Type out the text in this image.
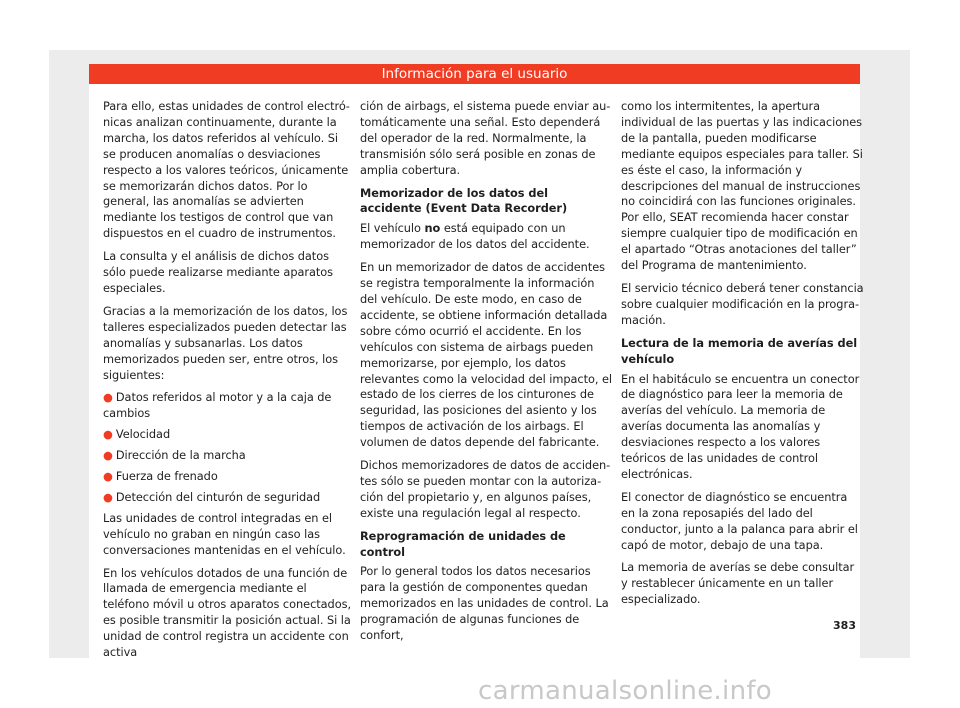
Información para el usuario

Para ello, estas unidades de control electrónicas analizan continuamente, durante la marcha, los datos referidos al vehículo. Si se producen anomalías o desviaciones respecto a los valores teóricos, únicamente se memorizarán dichos datos. Por lo general, las anomalías se advierten mediante los testigos de control que van dispuestos en el cuadro de instrumentos.

La consulta y el análisis de dichos datos sólo puede realizarse mediante aparatos especiales.

Gracias a la memorización de los datos, los talleres especializados pueden detectar las anomalías y subsanarlas. Los datos memorizados pueden ser, entre otros, los siguientes:

● Datos referidos al motor y a la caja de cambios
● Velocidad
● Dirección de la marcha
● Fuerza de frenado
● Detección del cinturón de seguridad

Las unidades de control integradas en el vehículo no graban en ningún caso las conversaciones mantenidas en el vehículo.

En los vehículos dotados de una función de llamada de emergencia mediante el teléfono móvil u otros aparatos conectados, es posible transmitir la posición actual. Si la unidad de control registra un accidente con activa

ción de airbags, el sistema puede enviar automáticamente una señal. Esto dependerá del operador de la red. Normalmente, la transmisión sólo será posible en zonas de amplia cobertura.

Memorizador de los datos del accidente (Event Data Recorder)

El vehículo no está equipado con un memorizador de los datos del accidente.

En un memorizador de datos de accidentes se registra temporalmente la información del vehículo. De este modo, en caso de accidente, se obtiene información detallada sobre cómo ocurrió el accidente. En los vehículos con sistema de airbags pueden memorizarse, por ejemplo, los datos relevantes como la velocidad del impacto, el estado de los cierres de los cinturones de seguridad, las posiciones del asiento y los tiempos de activación de los airbags. El volumen de datos depende del fabricante.

Dichos memorizadores de datos de accidentes sólo se pueden montar con la autorización del propietario y, en algunos países, existe una regulación legal al respecto.

Reprogramación de unidades de control

Por lo general todos los datos necesarios para la gestión de componentes quedan memorizados en las unidades de control. La programación de algunas funciones de confort,

como los intermitentes, la apertura individual de las puertas y las indicaciones de la pantalla, pueden modificarse mediante equipos especiales para taller. Si es éste el caso, la información y descripciones del manual de instrucciones no coincidirá con las funciones originales. Por ello, SEAT recomienda hacer constar siempre cualquier tipo de modificación en el apartado “Otras anotaciones del taller” del Programa de mantenimiento.

El servicio técnico deberá tener constancia sobre cualquier modificación en la programación.

Lectura de la memoria de averías del vehículo

En el habitáculo se encuentra un conector de diagnóstico para leer la memoria de averías del vehículo. La memoria de averías documenta las anomalías y desviaciones respecto a los valores teóricos de las unidades de control electrónicas.

El conector de diagnóstico se encuentra en la zona reposapiés del lado del conductor, junto a la palanca para abrir el capó de motor, debajo de una tapa.

La memoria de averías se debe consultar y restablecer únicamente en un taller especializado.

383
carmanualsonline.info
